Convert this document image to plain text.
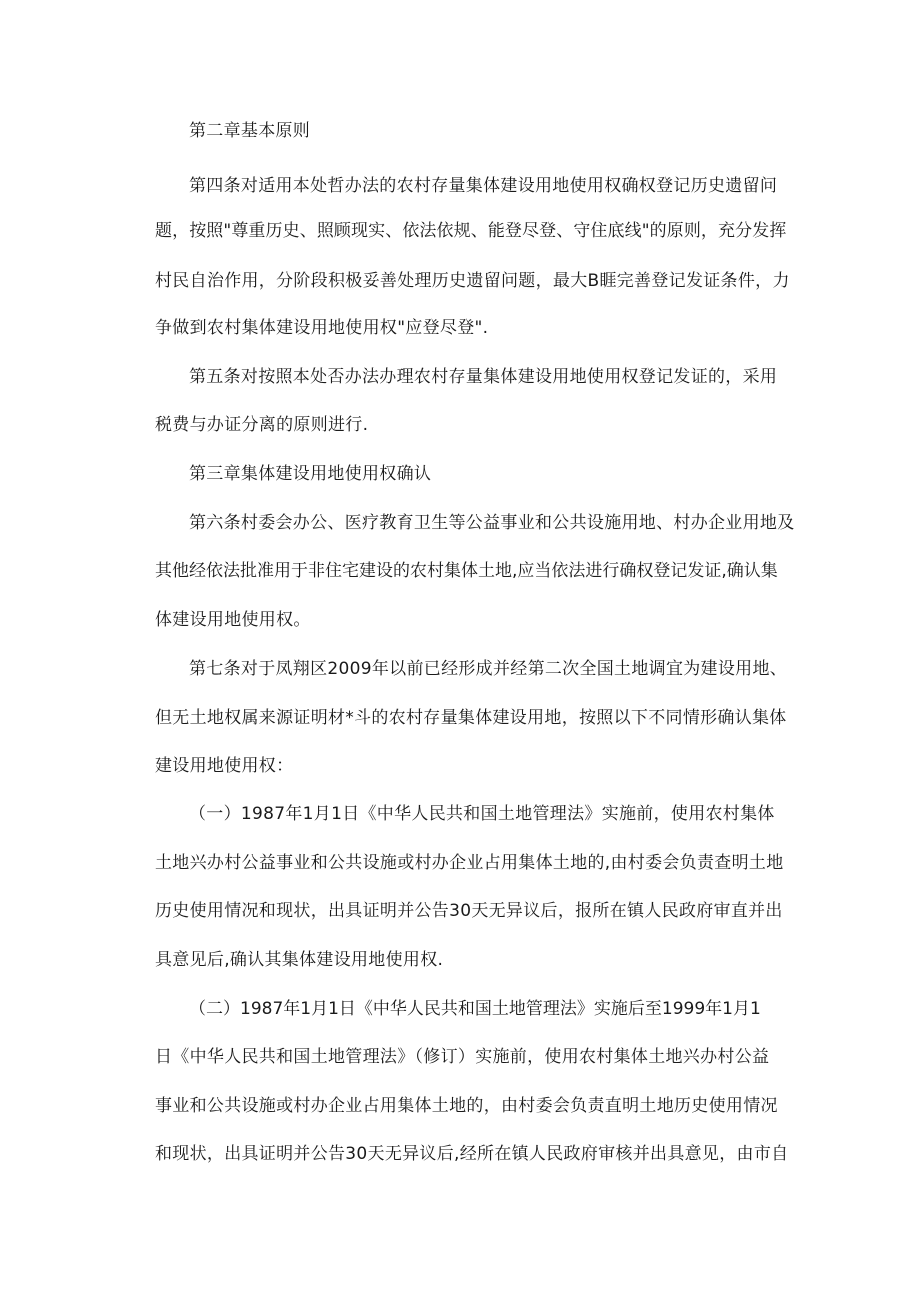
第二章基本原则
第四条对适用本处哲办法的农村存量集体建设用地使用权确权登记历史遗留问
题，按照"尊重历史、照顾现实、依法依规、能登尽登、守住底线"的原则，充分发挥
村民自治作用，分阶段积极妥善处理历史遗留问题，最大B睚完善登记发证条件，力
争做到农村集体建设用地使用权"应登尽登".
第五条对按照本处否办法办理农村存量集体建设用地使用权登记发证的，采用
税费与办证分离的原则进行.
第三章集体建设用地使用权确认
第六条村委会办公、医疗教育卫生等公益事业和公共设施用地、村办企业用地及
其他经依法批准用于非住宅建设的农村集体土地,应当依法进行确权登记发证,确认集
体建设用地使用权。
第七条对于凤翔区2009年以前已经形成并经第二次全国土地调宜为建设用地、
但无土地权属来源证明材*斗的农村存量集体建设用地，按照以下不同情形确认集体
建设用地使用权：
（一）1987年1月1日《中华人民共和国土地管理法》实施前，使用农村集体
土地兴办村公益事业和公共设施或村办企业占用集体土地的,由村委会负责查明土地
历史使用情况和现状，出具证明并公告30天无异议后，报所在镇人民政府审直并出
具意见后,确认其集体建设用地使用权.
（二）1987年1月1日《中华人民共和国土地管理法》实施后至1999年1月1
日《中华人民共和国土地管理法》（修订）实施前，使用农村集体土地兴办村公益
事业和公共设施或村办企业占用集体土地的，由村委会负责直明土地历史使用情况
和现状，出具证明并公告30天无异议后,经所在镇人民政府审核并出具意见，由市自
